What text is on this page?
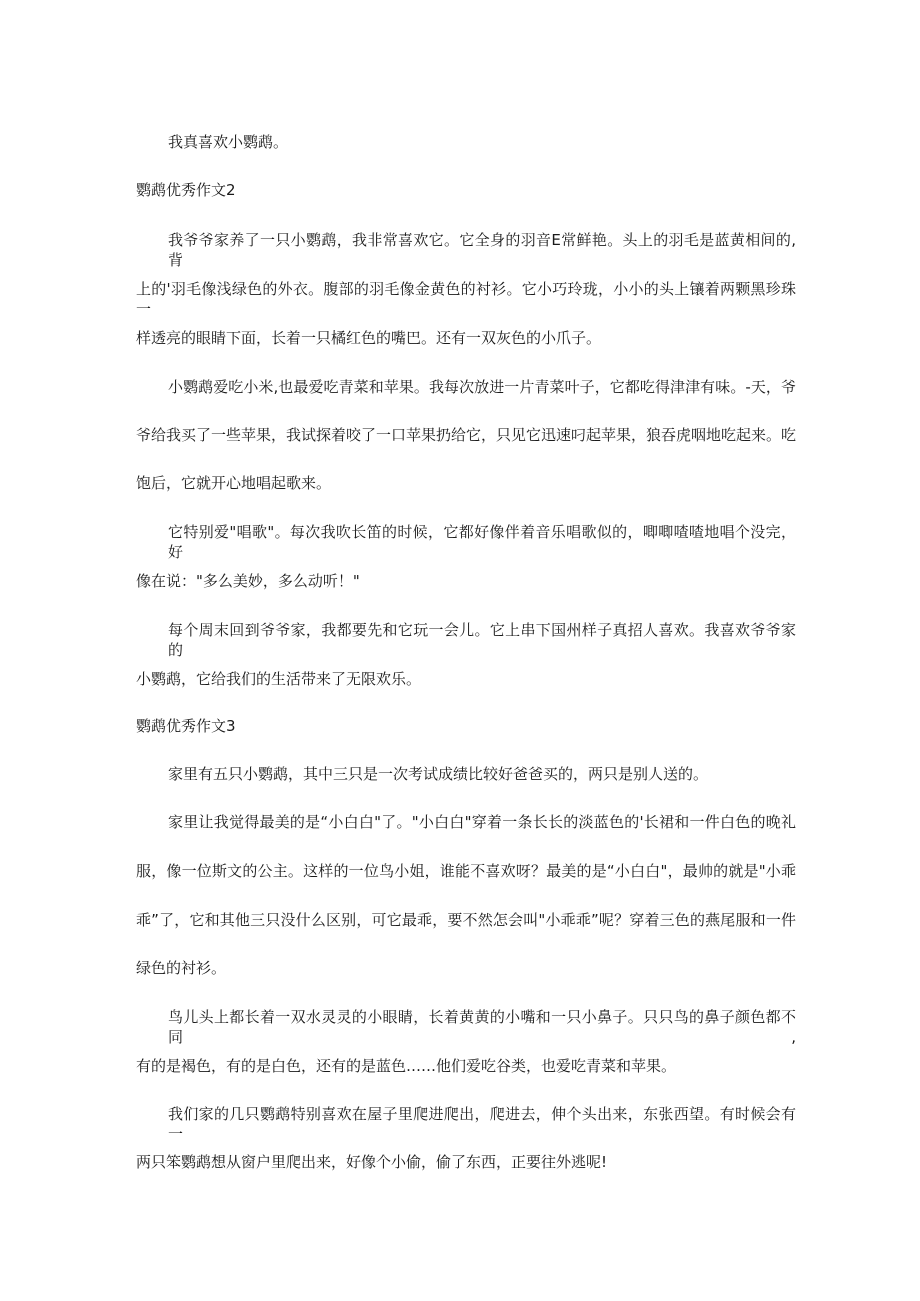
我真喜欢小鹦鹉。
鹦鹉优秀作文2
我爷爷家养了一只小鹦鹉，我非常喜欢它。它全身的羽音E常鲜艳。头上的羽毛是蓝黄相间的,背
上的'羽毛像浅绿色的外衣。腹部的羽毛像金黄色的衬衫。它小巧玲珑，小小的头上镶着两颗黑珍珠一
样透亮的眼睛下面，长着一只橘红色的嘴巴。还有一双灰色的小爪子。
小鹦鹉爱吃小米,也最爱吃青菜和苹果。我每次放进一片青菜叶子，它都吃得津津有味。-天，爷
爷给我买了一些苹果，我试探着咬了一口苹果扔给它，只见它迅速叼起苹果，狼吞虎咽地吃起来。吃
饱后，它就开心地唱起歌来。
它特别爱"唱歌"。每次我吹长笛的时候，它都好像伴着音乐唱歌似的，唧唧喳喳地唱个没完，好
像在说："多么美妙，多么动听！"
每个周末回到爷爷家，我都要先和它玩一会儿。它上串下国州样子真招人喜欢。我喜欢爷爷家的
小鹦鹉，它给我们的生活带来了无限欢乐。
鹦鹉优秀作文3
家里有五只小鹦鹉，其中三只是一次考试成绩比较好爸爸买的，两只是别人送的。
家里让我觉得最美的是“小白白"了。"小白白"穿着一条长长的淡蓝色的'长裙和一件白色的晚礼
服，像一位斯文的公主。这样的一位鸟小姐，谁能不喜欢呀？最美的是“小白白"，最帅的就是"小乖
乖”了，它和其他三只没什么区别，可它最乖，要不然怎会叫"小乖乖”呢？穿着三色的燕尾服和一件
绿色的衬衫。
鸟儿头上都长着一双水灵灵的小眼睛，长着黄黄的小嘴和一只小鼻子。只只鸟的鼻子颜色都不同,
有的是褐色，有的是白色，还有的是蓝色……他们爱吃谷类，也爱吃青菜和苹果。
我们家的几只鹦鹉特别喜欢在屋子里爬进爬出，爬进去，伸个头出来，东张西望。有时候会有一
两只笨鹦鹉想从窗户里爬出来，好像个小偷，偷了东西，正要往外逃呢!
